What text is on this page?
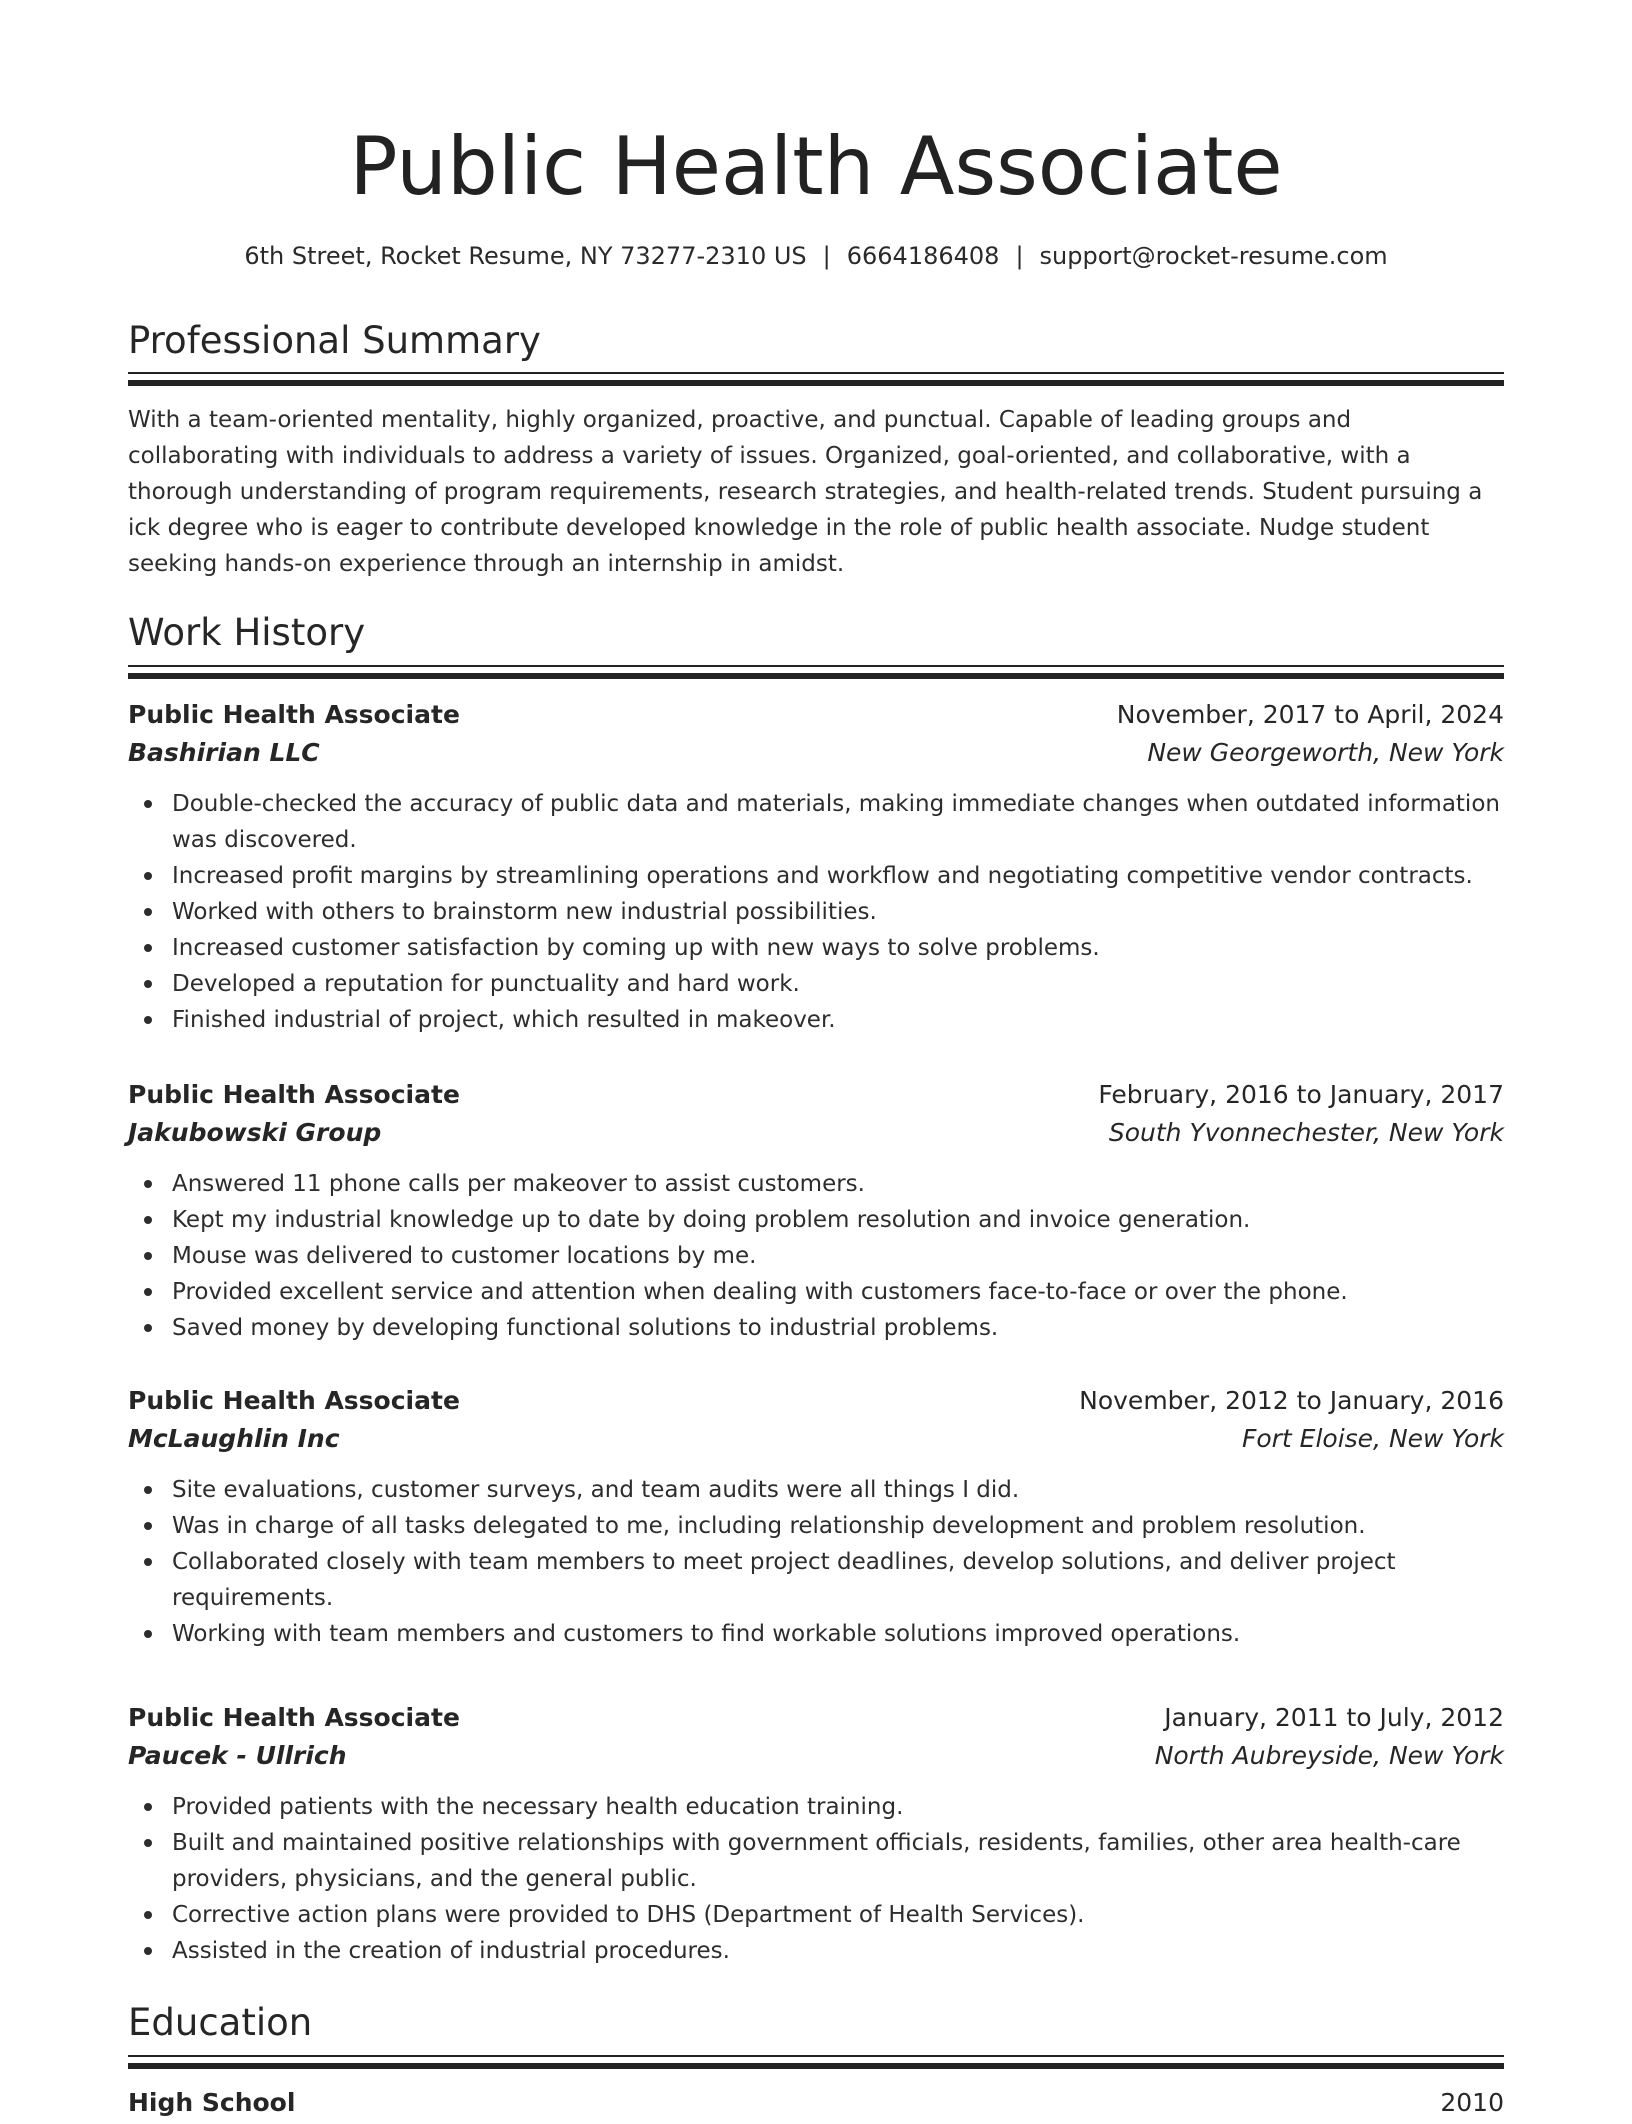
Public Health Associate
6th Street, Rocket Resume, NY 73277-2310 US | 6664186408 | support@rocket-resume.com
Professional Summary

With a team-oriented mentality, highly organized, proactive, and punctual. Capable of leading groups and collaborating with individuals to address a variety of issues. Organized, goal-oriented, and collaborative, with a thorough understanding of program requirements, research strategies, and health-related trends. Student pursuing a ick degree who is eager to contribute developed knowledge in the role of public health associate. Nudge student seeking hands-on experience through an internship in amidst.

Work History
Public Health Associate	November, 2017 to April, 2024
Bashirian LLC	New Georgeworth, New York
Double-checked the accuracy of public data and materials, making immediate changes when outdated information was discovered.
Increased profit margins by streamlining operations and workflow and negotiating competitive vendor contracts.
Worked with others to brainstorm new industrial possibilities.
Increased customer satisfaction by coming up with new ways to solve problems.
Developed a reputation for punctuality and hard work.
Finished industrial of project, which resulted in makeover.
Public Health Associate	February, 2016 to January, 2017
Jakubowski Group	South Yvonnechester, New York
Answered 11 phone calls per makeover to assist customers.
Kept my industrial knowledge up to date by doing problem resolution and invoice generation.
Mouse was delivered to customer locations by me.
Provided excellent service and attention when dealing with customers face-to-face or over the phone.
Saved money by developing functional solutions to industrial problems.
Public Health Associate	November, 2012 to January, 2016
McLaughlin Inc	Fort Eloise, New York
Site evaluations, customer surveys, and team audits were all things I did.
Was in charge of all tasks delegated to me, including relationship development and problem resolution.
Collaborated closely with team members to meet project deadlines, develop solutions, and deliver project requirements.
Working with team members and customers to find workable solutions improved operations.
Public Health Associate	January, 2011 to July, 2012
Paucek - Ullrich	North Aubreyside, New York
Provided patients with the necessary health education training.
Built and maintained positive relationships with government officials, residents, families, other area health-care providers, physicians, and the general public.
Corrective action plans were provided to DHS (Department of Health Services).
Assisted in the creation of industrial procedures.
Education
High School	2010
